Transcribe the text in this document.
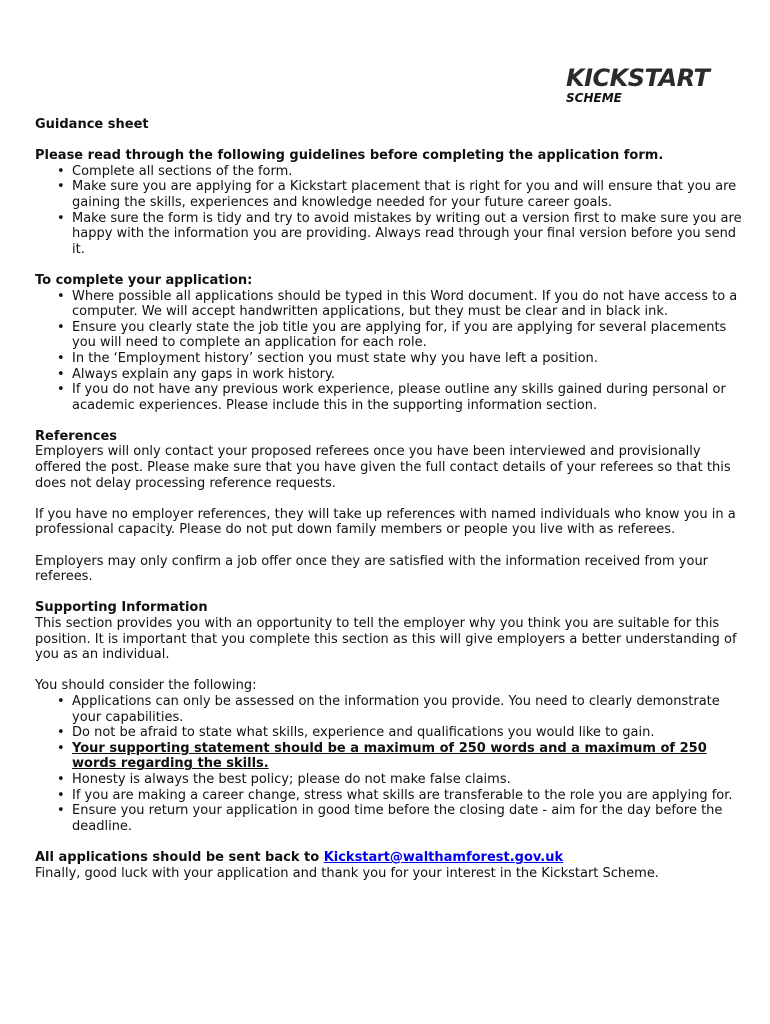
KICKSTART
SCHEME

Guidance sheet

Please read through the following guidelines before completing the application form.

• Complete all sections of the form.
• Make sure you are applying for a Kickstart placement that is right for you and will ensure that you are gaining the skills, experiences and knowledge needed for your future career goals.
• Make sure the form is tidy and try to avoid mistakes by writing out a version first to make sure you are happy with the information you are providing. Always read through your final version before you send it.

To complete your application:

• Where possible all applications should be typed in this Word document. If you do not have access to a computer. We will accept handwritten applications, but they must be clear and in black ink.
• Ensure you clearly state the job title you are applying for, if you are applying for several placements you will need to complete an application for each role.
• In the ‘Employment history’ section you must state why you have left a position.
• Always explain any gaps in work history.
• If you do not have any previous work experience, please outline any skills gained during personal or academic experiences. Please include this in the supporting information section.

References

Employers will only contact your proposed referees once you have been interviewed and provisionally offered the post. Please make sure that you have given the full contact details of your referees so that this does not delay processing reference requests.

If you have no employer references, they will take up references with named individuals who know you in a professional capacity. Please do not put down family members or people you live with as referees.

Employers may only confirm a job offer once they are satisfied with the information received from your referees.

Supporting Information

This section provides you with an opportunity to tell the employer why you think you are suitable for this position. It is important that you complete this section as this will give employers a better understanding of you as an individual.

You should consider the following:

• Applications can only be assessed on the information you provide. You need to clearly demonstrate your capabilities.
• Do not be afraid to state what skills, experience and qualifications you would like to gain.
• Your supporting statement should be a maximum of 250 words and a maximum of 250 words regarding the skills.
• Honesty is always the best policy; please do not make false claims.
• If you are making a career change, stress what skills are transferable to the role you are applying for.
• Ensure you return your application in good time before the closing date - aim for the day before the deadline.

All applications should be sent back to Kickstart@walthamforest.gov.uk

Finally, good luck with your application and thank you for your interest in the Kickstart Scheme.
